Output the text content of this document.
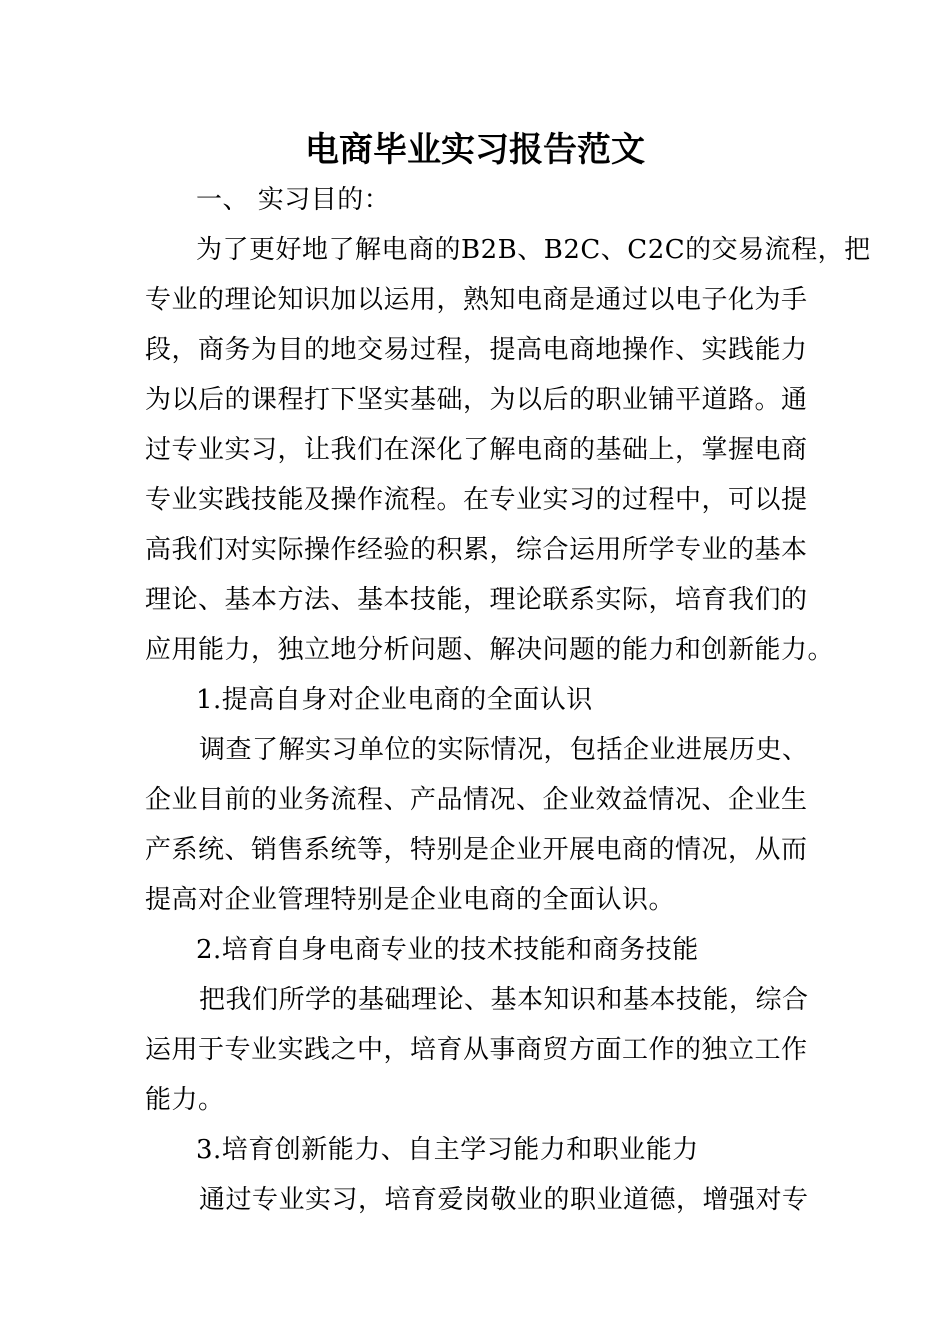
电商毕业实习报告范文
一、 实习目的：
为了更好地了解电商的B2B、B2C、C2C的交易流程，把
专业的理论知识加以运用，熟知电商是通过以电子化为手
段，商务为目的地交易过程，提高电商地操作、实践能力
为以后的课程打下坚实基础，为以后的职业铺平道路。通
过专业实习，让我们在深化了解电商的基础上，掌握电商
专业实践技能及操作流程。在专业实习的过程中，可以提
高我们对实际操作经验的积累，综合运用所学专业的基本
理论、基本方法、基本技能，理论联系实际，培育我们的
应用能力，独立地分析问题、解决问题的能力和创新能力。
1.提高自身对企业电商的全面认识
调查了解实习单位的实际情况，包括企业进展历史、
企业目前的业务流程、产品情况、企业效益情况、企业生
产系统、销售系统等，特别是企业开展电商的情况，从而
提高对企业管理特别是企业电商的全面认识。
2.培育自身电商专业的技术技能和商务技能
把我们所学的基础理论、基本知识和基本技能，综合
运用于专业实践之中，培育从事商贸方面工作的独立工作
能力。
3.培育创新能力、自主学习能力和职业能力
通过专业实习，培育爱岗敬业的职业道德，增强对专
